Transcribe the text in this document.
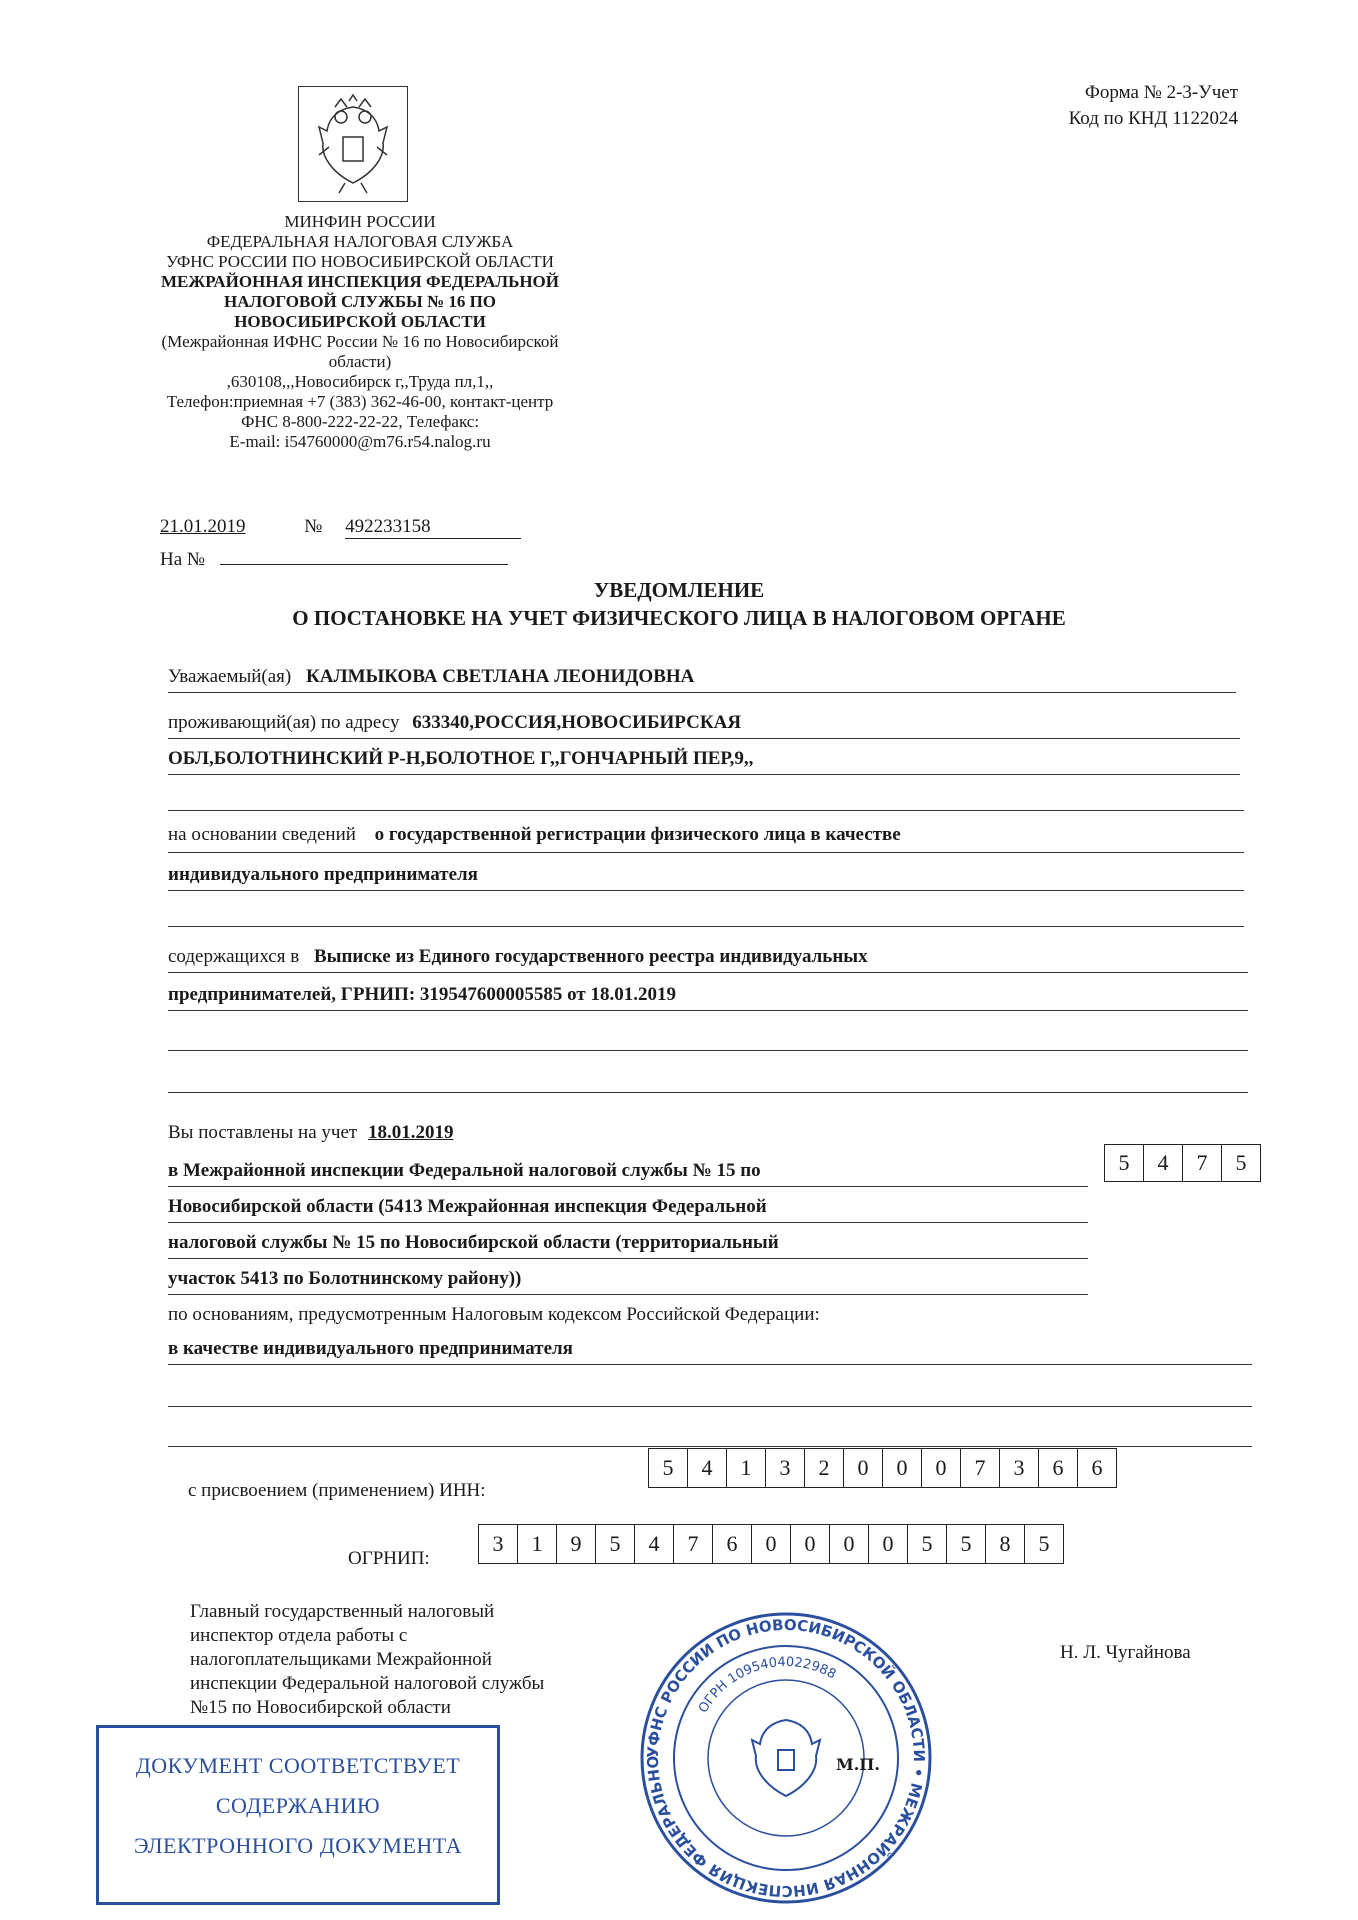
Форма № 2-3-Учет
Код по КНД 1122024
МИНФИН РОССИИ
ФЕДЕРАЛЬНАЯ НАЛОГОВАЯ СЛУЖБА
УФНС РОССИИ ПО НОВОСИБИРСКОЙ ОБЛАСТИ
МЕЖРАЙОННАЯ ИНСПЕКЦИЯ ФЕДЕРАЛЬНОЙ
НАЛОГОВОЙ СЛУЖБЫ № 16 ПО
НОВОСИБИРСКОЙ ОБЛАСТИ
(Межрайонная ИФНС России № 16 по Новосибирской
области)
,630108,,,Новосибирск г,,Труда пл,1,,
Телефон:приемная +7 (383) 362-46-00, контакт-центр
ФНС 8-800-222-22-22, Телефакс:
E-mail: i54760000@m76.r54.nalog.ru
21.01.2019	№ 492233158
На №
УВЕДОМЛЕНИЕ
О ПОСТАНОВКЕ НА УЧЕТ ФИЗИЧЕСКОГО ЛИЦА В НАЛОГОВОМ ОРГАНЕ
Уважаемый(ая) КАЛМЫКОВА СВЕТЛАНА ЛЕОНИДОВНА
проживающий(ая) по адресу 633340,РОССИЯ,НОВОСИБИРСКАЯ
ОБЛ,БОЛОТНИНСКИЙ Р-Н,БОЛОТНОЕ Г,,ГОНЧАРНЫЙ ПЕР,9,,
на основании сведений о государственной регистрации физического лица в качестве
индивидуального предпринимателя
содержащихся в Выписке из Единого государственного реестра индивидуальных
предпринимателей, ГРНИП: 319547600005585 от 18.01.2019
Вы поставлены на учет 18.01.2019
в Межрайонной инспекции Федеральной налоговой службы № 15 по
Новосибирской области (5413 Межрайонная инспекция Федеральной
налоговой службы № 15 по Новосибирской области (территориальный
участок 5413 по Болотнинскому району))
5	4	7	5
по основаниям, предусмотренным Налоговым кодексом Российской Федерации:
в качестве индивидуального предпринимателя
с присвоением (применением) ИНН:
5	4	1	3	2	0	0	0	7	3	6	6
ОГРНИП:
3	1	9	5	4	7	6	0	0	0	0	5	5	8	5
Главный государственный налоговый
инспектор отдела работы с
налогоплательщиками Межрайонной
инспекции Федеральной налоговой службы
№15 по Новосибирской области
Н. Л. Чугайнова
УФНС РОССИИ ПО НОВОСИБИРСКОЙ ОБЛАСТИ • МЕЖРАЙОННАЯ ИНСПЕКЦИЯ ФЕДЕРАЛЬНО
ОГРН 1095404022988
М.П.
ДОКУМЕНТ СООТВЕТСТВУЕТ
СОДЕРЖАНИЮ
ЭЛЕКТРОННОГО ДОКУМЕНТА
